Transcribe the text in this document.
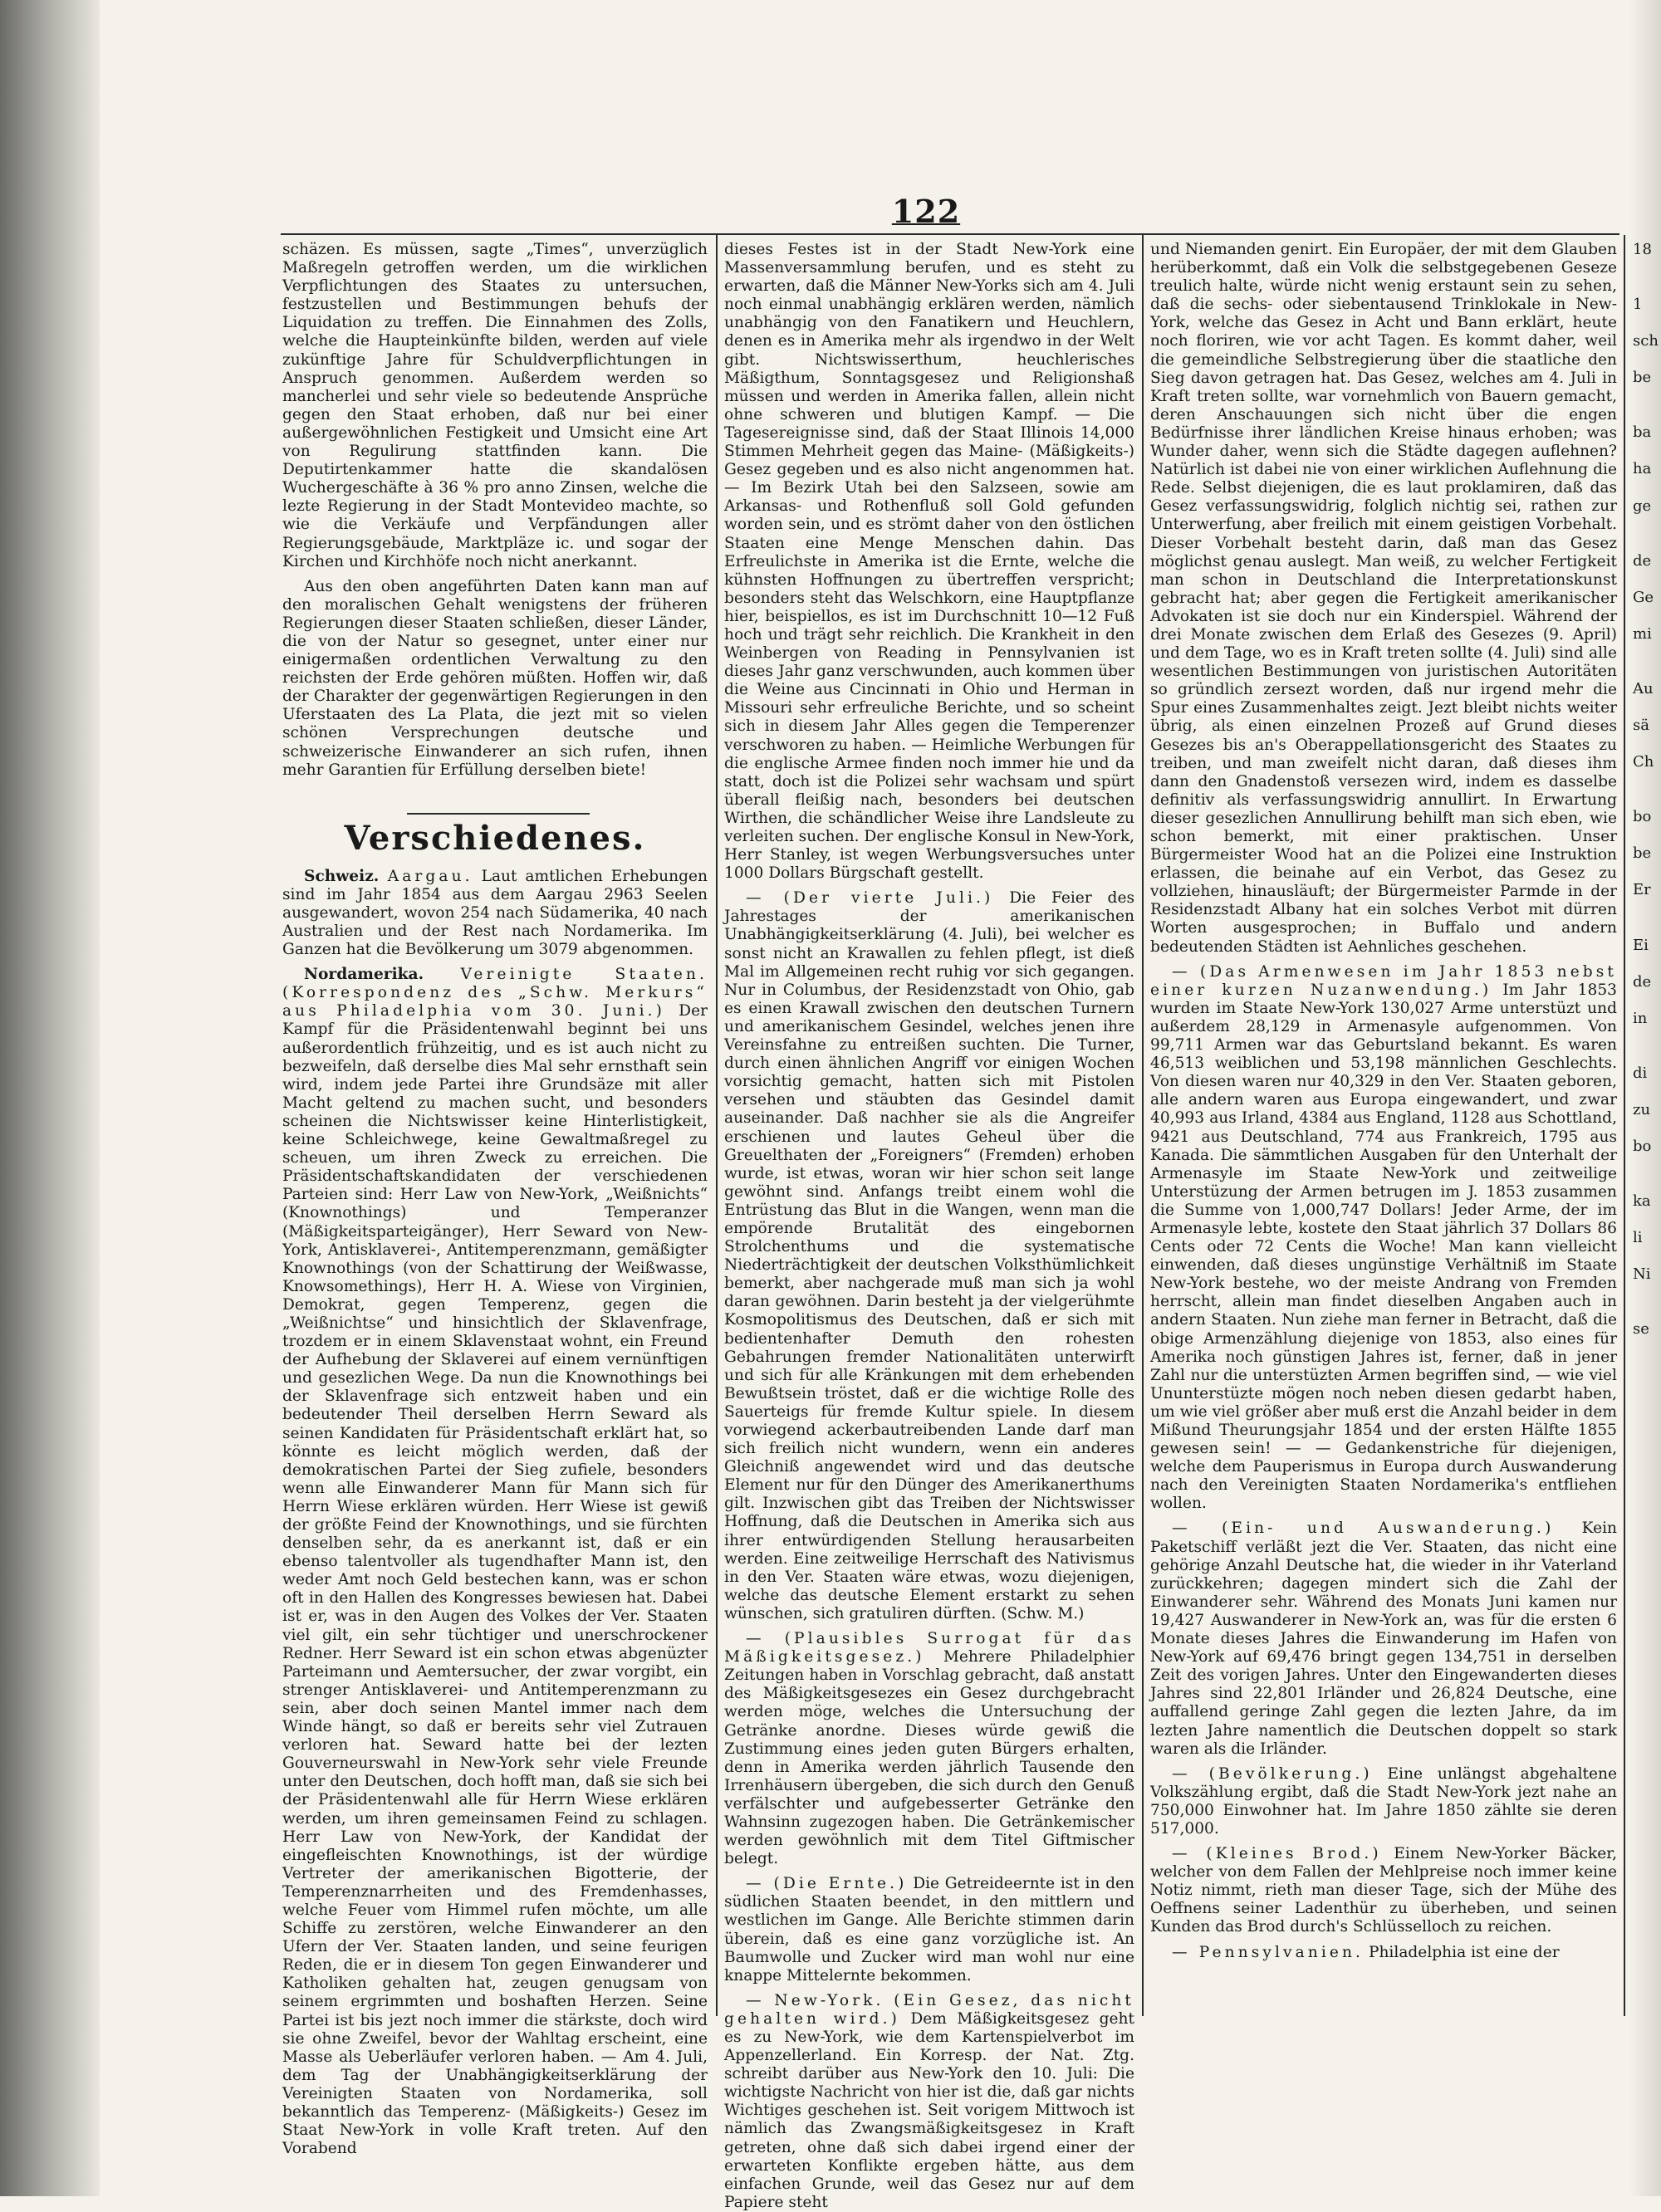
122

schäzen. Es müssen, sagte „Times“, unverzüglich Maßregeln getroffen werden, um die wirklichen Verpflichtungen des Staates zu untersuchen, festzustellen und Bestimmungen behufs der Liquidation zu treffen. Die Einnahmen des Zolls, welche die Haupteinkünfte bilden, werden auf viele zukünftige Jahre für Schuldverpflichtungen in Anspruch genommen. Außerdem werden so mancherlei und sehr viele so bedeutende Ansprüche gegen den Staat erhoben, daß nur bei einer außergewöhnlichen Festigkeit und Umsicht eine Art von Regulirung stattfinden kann. Die Deputirtenkammer hatte die skandalösen Wuchergeschäfte à 36 % pro anno Zinsen, welche die lezte Regierung in der Stadt Montevideo machte, so wie die Verkäufe und Verpfändungen aller Regierungsgebäude, Marktpläze ic. und sogar der Kirchen und Kirchhöfe noch nicht anerkannt.

Aus den oben angeführten Daten kann man auf den moralischen Gehalt wenigstens der früheren Regierungen dieser Staaten schließen, dieser Länder, die von der Natur so gesegnet, unter einer nur einigermaßen ordentlichen Verwaltung zu den reichsten der Erde gehören müßten. Hoffen wir, daß der Charakter der gegenwärtigen Regierungen in den Uferstaaten des La Plata, die jezt mit so vielen schönen Versprechungen deutsche und schweizerische Einwanderer an sich rufen, ihnen mehr Garantien für Erfüllung derselben biete!

Verschiedenes.

Schweiz. Aargau. Laut amtlichen Erhebungen sind im Jahr 1854 aus dem Aargau 2963 Seelen ausgewandert, wovon 254 nach Südamerika, 40 nach Australien und der Rest nach Nordamerika. Im Ganzen hat die Bevölkerung um 3079 abgenommen.

Nordamerika. Vereinigte Staaten. (Korrespondenz des „Schw. Merkurs“ aus Philadelphia vom 30. Juni.) Der Kampf für die Präsidentenwahl beginnt bei uns außerordentlich frühzeitig, und es ist auch nicht zu bezweifeln, daß derselbe dies Mal sehr ernsthaft sein wird, indem jede Partei ihre Grundsäze mit aller Macht geltend zu machen sucht, und besonders scheinen die Nichtswisser keine Hinterlistigkeit, keine Schleichwege, keine Gewaltmaßregel zu scheuen, um ihren Zweck zu erreichen. Die Präsidentschaftskandidaten der verschiedenen Parteien sind: Herr Law von New-York, „Weißnichts“ (Knownothings) und Temperanzer (Mäßigkeitsparteigänger), Herr Seward von New-York, Antisklaverei-, Antitemperenzmann, gemäßigter Knownothings (von der Schattirung der Weißwasse, Knowsomethings), Herr H. A. Wiese von Virginien, Demokrat, gegen Temperenz, gegen die „Weißnichtse“ und hinsichtlich der Sklavenfrage, trozdem er in einem Sklavenstaat wohnt, ein Freund der Aufhebung der Sklaverei auf einem vernünftigen und gesezlichen Wege. Da nun die Knownothings bei der Sklavenfrage sich entzweit haben und ein bedeutender Theil derselben Herrn Seward als seinen Kandidaten für Präsidentschaft erklärt hat, so könnte es leicht möglich werden, daß der demokratischen Partei der Sieg zufiele, besonders wenn alle Einwanderer Mann für Mann sich für Herrn Wiese erklären würden. Herr Wiese ist gewiß der größte Feind der Knownothings, und sie fürchten denselben sehr, da es anerkannt ist, daß er ein ebenso talentvoller als tugendhafter Mann ist, den weder Amt noch Geld bestechen kann, was er schon oft in den Hallen des Kongresses bewiesen hat. Dabei ist er, was in den Augen des Volkes der Ver. Staaten viel gilt, ein sehr tüchtiger und unerschrockener Redner. Herr Seward ist ein schon etwas abgenüzter Parteimann und Aemtersucher, der zwar vorgibt, ein strenger Antisklaverei- und Antitemperenzmann zu sein, aber doch seinen Mantel immer nach dem Winde hängt, so daß er bereits sehr viel Zutrauen verloren hat. Seward hatte bei der lezten Gouverneurswahl in New-York sehr viele Freunde unter den Deutschen, doch hofft man, daß sie sich bei der Präsidentenwahl alle für Herrn Wiese erklären werden, um ihren gemeinsamen Feind zu schlagen. Herr Law von New-York, der Kandidat der eingefleischten Knownothings, ist der würdige Vertreter der amerikanischen Bigotterie, der Temperenznarrheiten und des Fremdenhasses, welche Feuer vom Himmel rufen möchte, um alle Schiffe zu zerstören, welche Einwanderer an den Ufern der Ver. Staaten landen, und seine feurigen Reden, die er in diesem Ton gegen Einwanderer und Katholiken gehalten hat, zeugen genugsam von seinem ergrimmten und boshaften Herzen. Seine Partei ist bis jezt noch immer die stärkste, doch wird sie ohne Zweifel, bevor der Wahltag erscheint, eine Masse als Ueberläufer verloren haben. — Am 4. Juli, dem Tag der Unabhängigkeitserklärung der Vereinigten Staaten von Nordamerika, soll bekanntlich das Temperenz- (Mäßigkeits-) Gesez im Staat New-York in volle Kraft treten. Auf den Vorabend

dieses Festes ist in der Stadt New-York eine Massenversammlung berufen, und es steht zu erwarten, daß die Männer New-Yorks sich am 4. Juli noch einmal unabhängig erklären werden, nämlich unabhängig von den Fanatikern und Heuchlern, denen es in Amerika mehr als irgendwo in der Welt gibt. Nichtswisserthum, heuchlerisches Mäßigthum, Sonntagsgesez und Religionshaß müssen und werden in Amerika fallen, allein nicht ohne schweren und blutigen Kampf. — Die Tagesereignisse sind, daß der Staat Illinois 14,000 Stimmen Mehrheit gegen das Maine- (Mäßigkeits-) Gesez gegeben und es also nicht angenommen hat. — Im Bezirk Utah bei den Salzseen, sowie am Arkansas- und Rothenfluß soll Gold gefunden worden sein, und es strömt daher von den östlichen Staaten eine Menge Menschen dahin. Das Erfreulichste in Amerika ist die Ernte, welche die kühnsten Hoffnungen zu übertreffen verspricht; besonders steht das Welschkorn, eine Hauptpflanze hier, beispiellos, es ist im Durchschnitt 10—12 Fuß hoch und trägt sehr reichlich. Die Krankheit in den Weinbergen von Reading in Pennsylvanien ist dieses Jahr ganz verschwunden, auch kommen über die Weine aus Cincinnati in Ohio und Herman in Missouri sehr erfreuliche Berichte, und so scheint sich in diesem Jahr Alles gegen die Temperenzer verschworen zu haben. — Heimliche Werbungen für die englische Armee finden noch immer hie und da statt, doch ist die Polizei sehr wachsam und spürt überall fleißig nach, besonders bei deutschen Wirthen, die schändlicher Weise ihre Landsleute zu verleiten suchen. Der englische Konsul in New-York, Herr Stanley, ist wegen Werbungsversuches unter 1000 Dollars Bürgschaft gestellt.

— (Der vierte Juli.) Die Feier des Jahrestages der amerikanischen Unabhängigkeitserklärung (4. Juli), bei welcher es sonst nicht an Krawallen zu fehlen pflegt, ist dieß Mal im Allgemeinen recht ruhig vor sich gegangen. Nur in Columbus, der Residenzstadt von Ohio, gab es einen Krawall zwischen den deutschen Turnern und amerikanischem Gesindel, welches jenen ihre Vereinsfahne zu entreißen suchten. Die Turner, durch einen ähnlichen Angriff vor einigen Wochen vorsichtig gemacht, hatten sich mit Pistolen versehen und stäubten das Gesindel damit auseinander. Daß nachher sie als die Angreifer erschienen und lautes Geheul über die Greuelthaten der „Foreigners“ (Fremden) erhoben wurde, ist etwas, woran wir hier schon seit lange gewöhnt sind. Anfangs treibt einem wohl die Entrüstung das Blut in die Wangen, wenn man die empörende Brutalität des eingebornen Strolchenthums und die systematische Niederträchtigkeit der deutschen Volksthümlichkeit bemerkt, aber nachgerade muß man sich ja wohl daran gewöhnen. Darin besteht ja der vielgerühmte Kosmopolitismus des Deutschen, daß er sich mit bedientenhafter Demuth den rohesten Gebahrungen fremder Nationalitäten unterwirft und sich für alle Kränkungen mit dem erhebenden Bewußtsein tröstet, daß er die wichtige Rolle des Sauerteigs für fremde Kultur spiele. In diesem vorwiegend ackerbautreibenden Lande darf man sich freilich nicht wundern, wenn ein anderes Gleichniß angewendet wird und das deutsche Element nur für den Dünger des Amerikanerthums gilt. Inzwischen gibt das Treiben der Nichtswisser Hoffnung, daß die Deutschen in Amerika sich aus ihrer entwürdigenden Stellung herausarbeiten werden. Eine zeitweilige Herrschaft des Nativismus in den Ver. Staaten wäre etwas, wozu diejenigen, welche das deutsche Element erstarkt zu sehen wünschen, sich gratuliren dürften. (Schw. M.)

— (Plausibles Surrogat für das Mäßigkeitsgesez.) Mehrere Philadelphier Zeitungen haben in Vorschlag gebracht, daß anstatt des Mäßigkeitsgesezes ein Gesez durchgebracht werden möge, welches die Untersuchung der Getränke anordne. Dieses würde gewiß die Zustimmung eines jeden guten Bürgers erhalten, denn in Amerika werden jährlich Tausende den Irrenhäusern übergeben, die sich durch den Genuß verfälschter und aufgebesserter Getränke den Wahnsinn zugezogen haben. Die Getränkemischer werden gewöhnlich mit dem Titel Giftmischer belegt.

— (Die Ernte.) Die Getreideernte ist in den südlichen Staaten beendet, in den mittlern und westlichen im Gange. Alle Berichte stimmen darin überein, daß es eine ganz vorzügliche ist. An Baumwolle und Zucker wird man wohl nur eine knappe Mittelernte bekommen.

— New-York. (Ein Gesez, das nicht gehalten wird.) Dem Mäßigkeitsgesez geht es zu New-York, wie dem Kartenspielverbot im Appenzellerland. Ein Korresp. der Nat. Ztg. schreibt darüber aus New-York den 10. Juli: Die wichtigste Nachricht von hier ist die, daß gar nichts Wichtiges geschehen ist. Seit vorigem Mittwoch ist nämlich das Zwangsmäßigkeitsgesez in Kraft getreten, ohne daß sich dabei irgend einer der erwarteten Konflikte ergeben hätte, aus dem einfachen Grunde, weil das Gesez nur auf dem Papiere steht

und Niemanden genirt. Ein Europäer, der mit dem Glauben herüberkommt, daß ein Volk die selbstgegebenen Geseze treulich halte, würde nicht wenig erstaunt sein zu sehen, daß die sechs- oder siebentausend Trinklokale in New-York, welche das Gesez in Acht und Bann erklärt, heute noch floriren, wie vor acht Tagen. Es kommt daher, weil die gemeindliche Selbstregierung über die staatliche den Sieg davon getragen hat. Das Gesez, welches am 4. Juli in Kraft treten sollte, war vornehmlich von Bauern gemacht, deren Anschauungen sich nicht über die engen Bedürfnisse ihrer ländlichen Kreise hinaus erhoben; was Wunder daher, wenn sich die Städte dagegen auflehnen? Natürlich ist dabei nie von einer wirklichen Auflehnung die Rede. Selbst diejenigen, die es laut proklamiren, daß das Gesez verfassungswidrig, folglich nichtig sei, rathen zur Unterwerfung, aber freilich mit einem geistigen Vorbehalt. Dieser Vorbehalt besteht darin, daß man das Gesez möglichst genau auslegt. Man weiß, zu welcher Fertigkeit man schon in Deutschland die Interpretationskunst gebracht hat; aber gegen die Fertigkeit amerikanischer Advokaten ist sie doch nur ein Kinderspiel. Während der drei Monate zwischen dem Erlaß des Gesezes (9. April) und dem Tage, wo es in Kraft treten sollte (4. Juli) sind alle wesentlichen Bestimmungen von juristischen Autoritäten so gründlich zersezt worden, daß nur irgend mehr die Spur eines Zusammenhaltes zeigt. Jezt bleibt nichts weiter übrig, als einen einzelnen Prozeß auf Grund dieses Gesezes bis an's Oberappellationsgericht des Staates zu treiben, und man zweifelt nicht daran, daß dieses ihm dann den Gnadenstoß versezen wird, indem es dasselbe definitiv als verfassungswidrig annullirt. In Erwartung dieser gesezlichen Annullirung behilft man sich eben, wie schon bemerkt, mit einer praktischen. Unser Bürgermeister Wood hat an die Polizei eine Instruktion erlassen, die beinahe auf ein Verbot, das Gesez zu vollziehen, hinausläuft; der Bürgermeister Parmde in der Residenzstadt Albany hat ein solches Verbot mit dürren Worten ausgesprochen; in Buffalo und andern bedeutenden Städten ist Aehnliches geschehen.

— (Das Armenwesen im Jahr 1853 nebst einer kurzen Nuzanwendung.) Im Jahr 1853 wurden im Staate New-York 130,027 Arme unterstüzt und außerdem 28,129 in Armenasyle aufgenommen. Von 99,711 Armen war das Geburtsland bekannt. Es waren 46,513 weiblichen und 53,198 männlichen Geschlechts. Von diesen waren nur 40,329 in den Ver. Staaten geboren, alle andern waren aus Europa eingewandert, und zwar 40,993 aus Irland, 4384 aus England, 1128 aus Schottland, 9421 aus Deutschland, 774 aus Frankreich, 1795 aus Kanada. Die sämmtlichen Ausgaben für den Unterhalt der Armenasyle im Staate New-York und zeitweilige Unterstüzung der Armen betrugen im J. 1853 zusammen die Summe von 1,000,747 Dollars! Jeder Arme, der im Armenasyle lebte, kostete den Staat jährlich 37 Dollars 86 Cents oder 72 Cents die Woche! Man kann vielleicht einwenden, daß dieses ungünstige Verhältniß im Staate New-York bestehe, wo der meiste Andrang von Fremden herrscht, allein man findet dieselben Angaben auch in andern Staaten. Nun ziehe man ferner in Betracht, daß die obige Armenzählung diejenige von 1853, also eines für Amerika noch günstigen Jahres ist, ferner, daß in jener Zahl nur die unterstüzten Armen begriffen sind, — wie viel Ununterstüzte mögen noch neben diesen gedarbt haben, um wie viel größer aber muß erst die Anzahl beider in dem Mißund Theurungsjahr 1854 und der ersten Hälfte 1855 gewesen sein! — — Gedankenstriche für diejenigen, welche dem Pauperismus in Europa durch Auswanderung nach den Vereinigten Staaten Nordamerika's entfliehen wollen.

— (Ein- und Auswanderung.) Kein Paketschiff verläßt jezt die Ver. Staaten, das nicht eine gehörige Anzahl Deutsche hat, die wieder in ihr Vaterland zurückkehren; dagegen mindert sich die Zahl der Einwanderer sehr. Während des Monats Juni kamen nur 19,427 Auswanderer in New-York an, was für die ersten 6 Monate dieses Jahres die Einwanderung im Hafen von New-York auf 69,476 bringt gegen 134,751 in derselben Zeit des vorigen Jahres. Unter den Eingewanderten dieses Jahres sind 22,801 Irländer und 26,824 Deutsche, eine auffallend geringe Zahl gegen die lezten Jahre, da im lezten Jahre namentlich die Deutschen doppelt so stark waren als die Irländer.

— (Bevölkerung.) Eine unlängst abgehaltene Volkszählung ergibt, daß die Stadt New-York jezt nahe an 750,000 Einwohner hat. Im Jahre 1850 zählte sie deren 517,000.

— (Kleines Brod.) Einem New-Yorker Bäcker, welcher von dem Fallen der Mehlpreise noch immer keine Notiz nimmt, rieth man dieser Tage, sich der Mühe des Oeffnens seiner Ladenthür zu überheben, und seinen Kunden das Brod durch's Schlüsselloch zu reichen.

— Pennsylvanien. Philadelphia ist eine der

18
1
sch
be
ba
ha
ge
de
Ge
mi
Au
sä
Ch
bo
be
Er
Ei
de
in
di
zu
bo
ka
li
Ni
se
